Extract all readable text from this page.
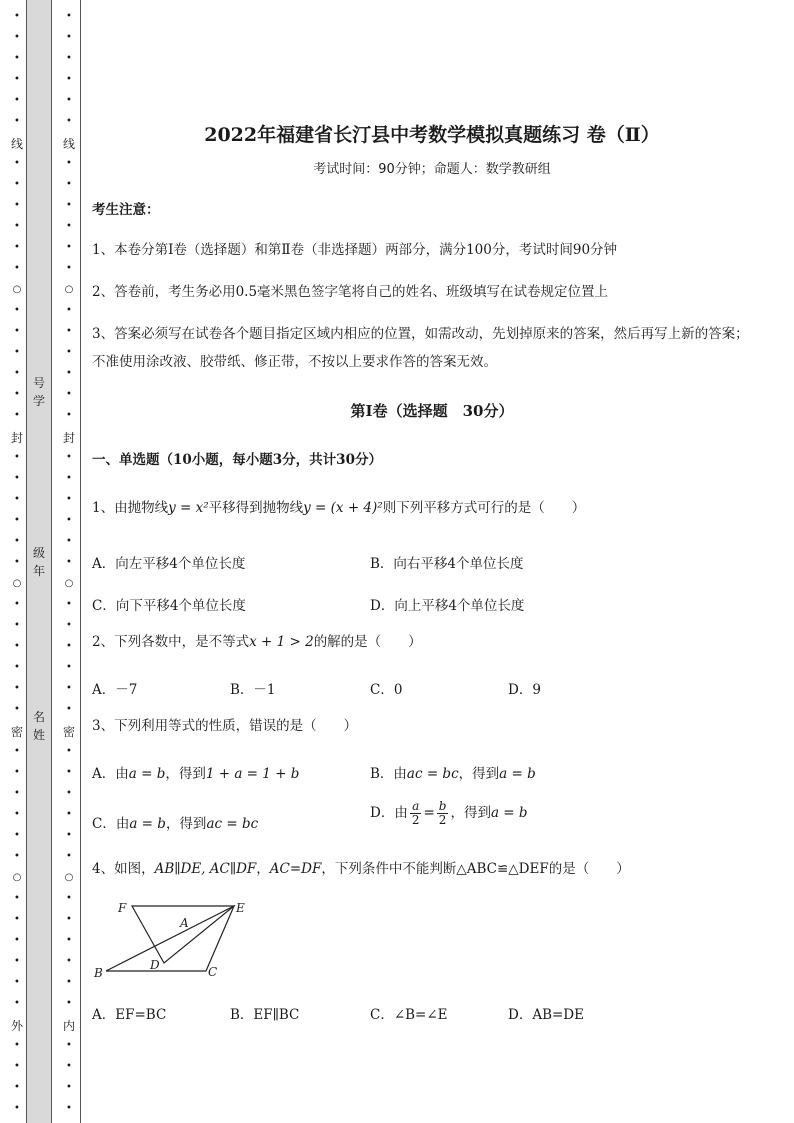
•
•
•
•
•
•
线
•
•
•
•
•
•
○
•
•
•
•
•
•
封
•
•
•
•
•
•
○
•
•
•
•
•
•
密
•
•
•
•
•
•
○
•
•
•
•
•
•
外
•
•
•
•
•
•
•
•
•
•
线
•
•
•
•
•
•
○
•
•
•
•
•
•
封
•
•
•
•
•
•
○
•
•
•
•
•
•
密
•
•
•
•
•
•
○
•
•
•
•
•
•
内
•
•
•
•
号
学
级
年
名
姓
2022年福建省长汀县中考数学模拟真题练习 卷（Ⅱ）
考试时间：90分钟；命题人：数学教研组
考生注意：
1、本卷分第Ⅰ卷（选择题）和第Ⅱ卷（非选择题）两部分，满分100分，考试时间90分钟
2、答卷前，考生务必用0.5毫米黑色签字笔将自己的姓名、班级填写在试卷规定位置上
3、答案必须写在试卷各个题目指定区域内相应的位置，如需改动，先划掉原来的答案，然后再写上新的答案；不准使用涂改液、胶带纸、修正带，不按以上要求作答的答案无效。
第Ⅰ卷（选择题　30分）
一、单选题（10小题，每小题3分，共计30分）
1、由抛物线y = x²平移得到抛物线y = (x + 4)²则下列平移方式可行的是（　　）
A．向左平移4个单位长度	B．向右平移4个单位长度
C．向下平移4个单位长度	D．向上平移4个单位长度
2、下列各数中，是不等式x + 1 > 2的解的是（　　）
A．－7	B．－1	C．0	D．9
3、下列利用等式的性质，错误的是（　　）
A．由a = b，得到1 + a = 1 + b	B．由ac = bc，得到a = b
C．由a = b，得到ac = bc
D．由 $\frac{a}{2} = \frac{b}{2}$ ，得到a = b
4、如图，AB∥DE, AC∥DF，AC=DF，下列条件中不能判断△ABC≌△DEF的是（　　）
F	E
A
D
B	C
A．EF=BC	B．EF∥BC	C．∠B=∠E	D．AB=DE
